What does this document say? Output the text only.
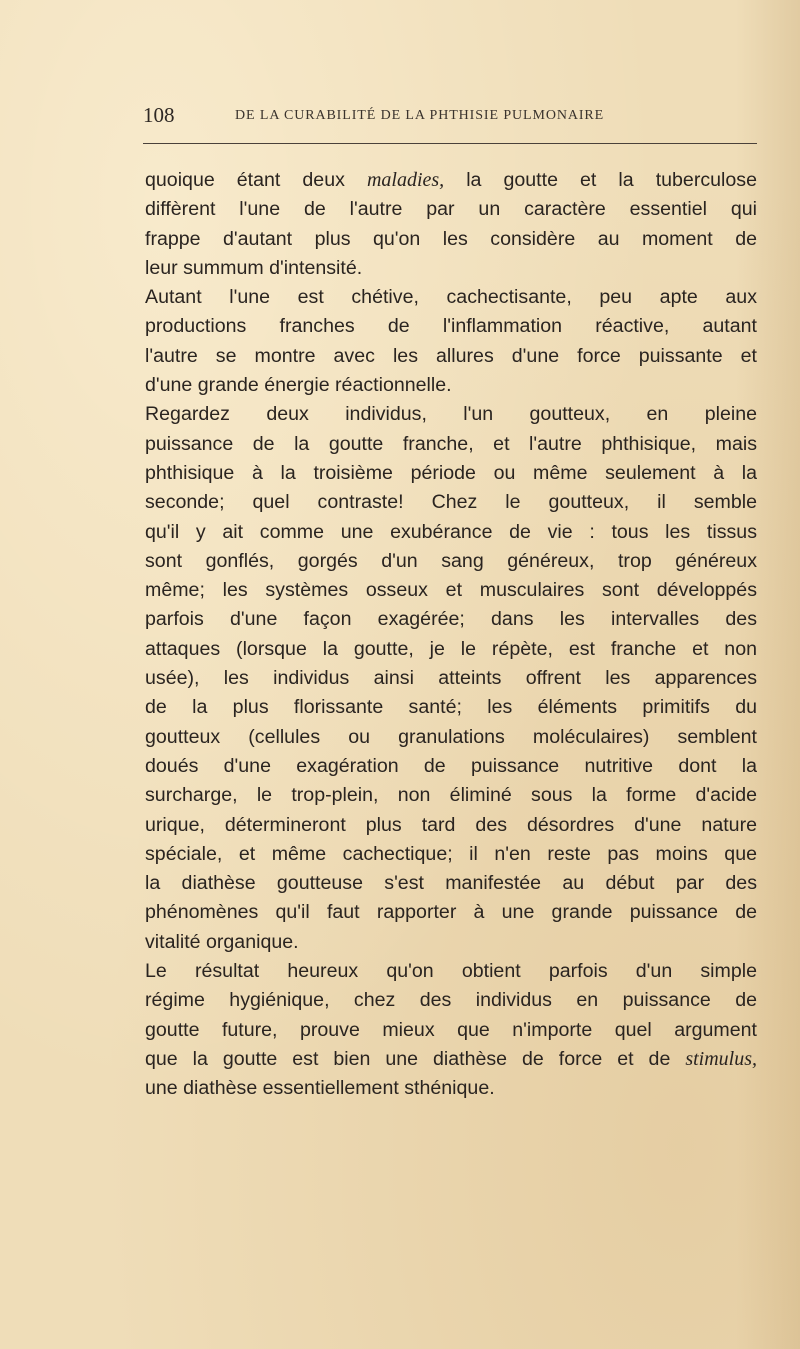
108	DE LA CURABILITÉ DE LA PHTHISIE PULMONAIRE

quoique étant deux maladies, la goutte et la tuberculose

diffèrent l'une de l'autre par un caractère essentiel qui

frappe d'autant plus qu'on les considère au moment de

leur summum d'intensité.

Autant l'une est chétive, cachectisante, peu apte aux

productions franches de l'inflammation réactive, autant

l'autre se montre avec les allures d'une force puissante et

d'une grande énergie réactionnelle.

Regardez deux individus, l'un goutteux, en pleine

puissance de la goutte franche, et l'autre phthisique, mais

phthisique à la troisième période ou même seulement à la

seconde; quel contraste! Chez le goutteux, il semble

qu'il y ait comme une exubérance de vie : tous les tissus

sont gonflés, gorgés d'un sang généreux, trop généreux

même; les systèmes osseux et musculaires sont développés

parfois d'une façon exagérée; dans les intervalles des

attaques (lorsque la goutte, je le répète, est franche et non

usée), les individus ainsi atteints offrent les apparences

de la plus florissante santé; les éléments primitifs du

goutteux (cellules ou granulations moléculaires) semblent

doués d'une exagération de puissance nutritive dont la

surcharge, le trop-plein, non éliminé sous la forme d'acide

urique, détermineront plus tard des désordres d'une nature

spéciale, et même cachectique; il n'en reste pas moins que

la diathèse goutteuse s'est manifestée au début par des

phénomènes qu'il faut rapporter à une grande puissance de

vitalité organique.

Le résultat heureux qu'on obtient parfois d'un simple

régime hygiénique, chez des individus en puissance de

goutte future, prouve mieux que n'importe quel argument

que la goutte est bien une diathèse de force et de stimulus,

une diathèse essentiellement sthénique.
